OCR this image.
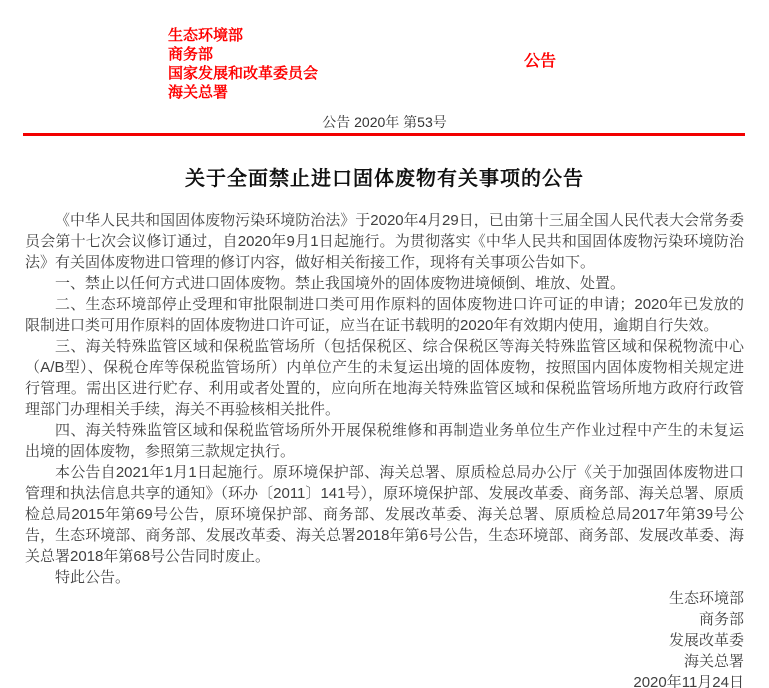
生态环境部
商务部
国家发展和改革委员会
海关总署
公告
公告 2020年 第53号
关于全面禁止进口固体废物有关事项的公告

《中华人民共和国固体废物污染环境防治法》于2020年4月29日，已由第十三届全国人民代表大会常务委员会第十七次会议修订通过，自2020年9月1日起施行。为贯彻落实《中华人民共和国固体废物污染环境防治法》有关固体废物进口管理的修订内容，做好相关衔接工作，现将有关事项公告如下。

一、禁止以任何方式进口固体废物。禁止我国境外的固体废物进境倾倒、堆放、处置。

二、生态环境部停止受理和审批限制进口类可用作原料的固体废物进口许可证的申请；2020年已发放的限制进口类可用作原料的固体废物进口许可证，应当在证书载明的2020年有效期内使用，逾期自行失效。

三、海关特殊监管区域和保税监管场所（包括保税区、综合保税区等海关特殊监管区域和保税物流中心（A/B型）、保税仓库等保税监管场所）内单位产生的未复运出境的固体废物，按照国内固体废物相关规定进行管理。需出区进行贮存、利用或者处置的，应向所在地海关特殊监管区域和保税监管场所地方政府行政管理部门办理相关手续，海关不再验核相关批件。

四、海关特殊监管区域和保税监管场所外开展保税维修和再制造业务单位生产作业过程中产生的未复运出境的固体废物，参照第三款规定执行。

本公告自2021年1月1日起施行。原环境保护部、海关总署、原质检总局办公厅《关于加强固体废物进口管理和执法信息共享的通知》（环办〔2011〕141号），原环境保护部、发展改革委、商务部、海关总署、原质检总局2015年第69号公告，原环境保护部、商务部、发展改革委、海关总署、原质检总局2017年第39号公告，生态环境部、商务部、发展改革委、海关总署2018年第6号公告，生态环境部、商务部、发展改革委、海关总署2018年第68号公告同时废止。

特此公告。

生态环境部
商务部
发展改革委
海关总署
2020年11月24日
